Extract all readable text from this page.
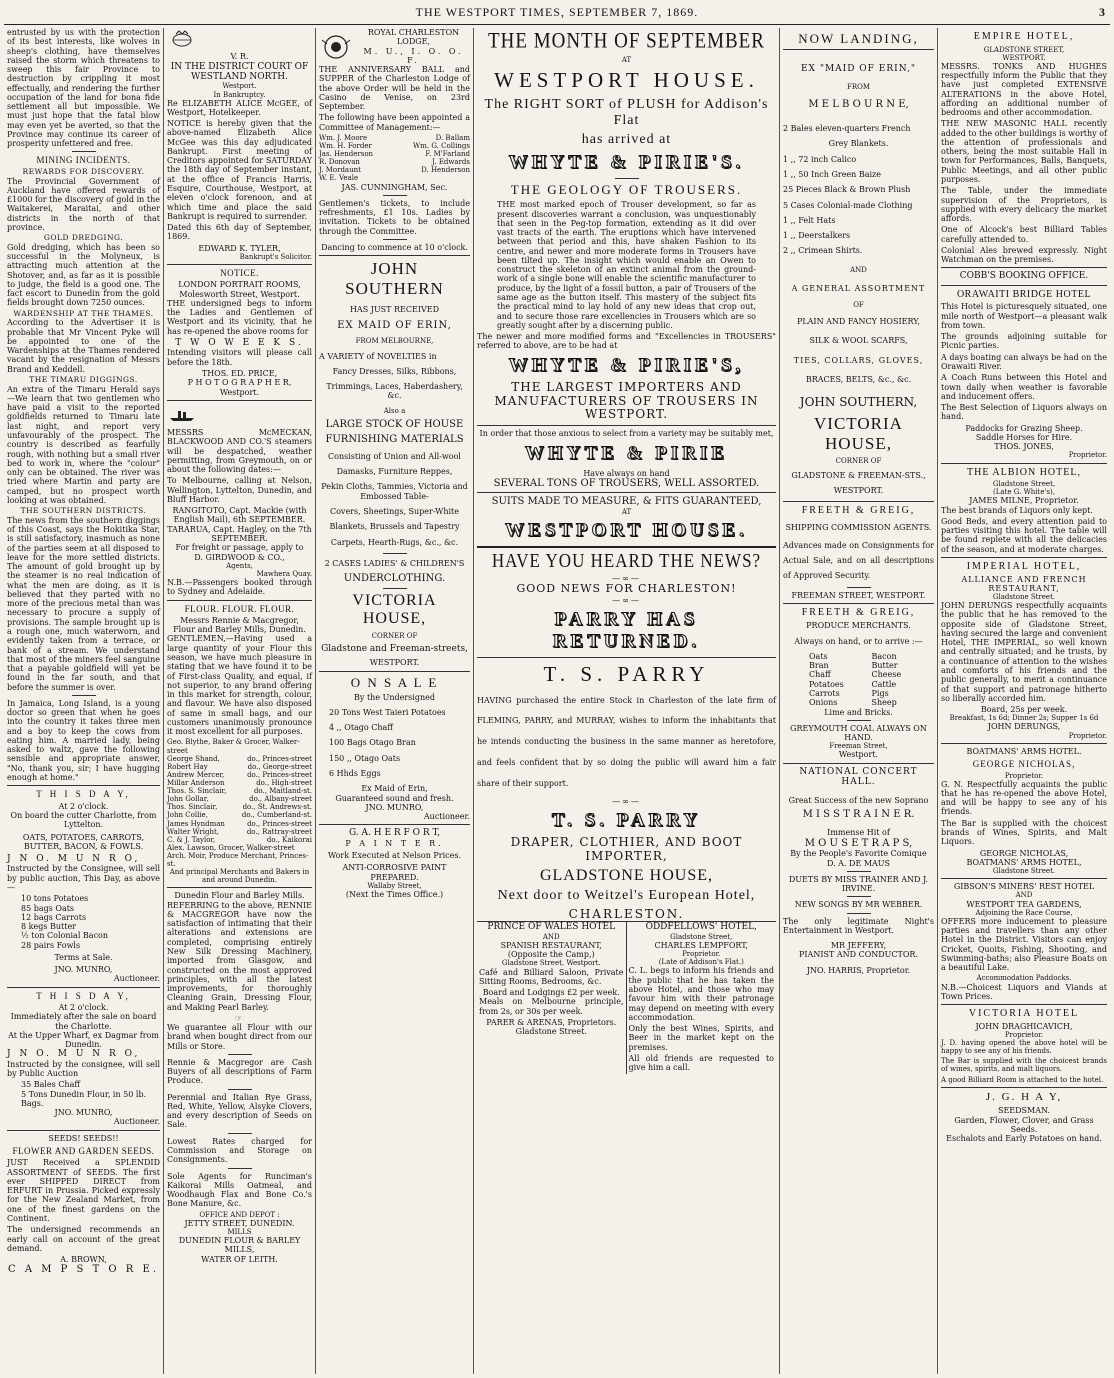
THE WESTPORT TIMES, SEPTEMBER 7, 1869.	3

entrusted by us with the protection of its best interests, like wolves in sheep's clothing, have themselves raised the storm which threatens to sweep this fair Province to destruction by crippling it most effectually, and rendering the further occupation of the land for bona fide settlement all but impossible. We must just hope that the fatal blow may even yet be averted, so that the Province may continue its career of prosperity unfettered and free.

MINING INCIDENTS.
REWARDS FOR DISCOVERY.

The Provincial Government of Auckland have offered rewards of £1000 for the discovery of gold in the Waitakerei, Maraitai, and other districts in the north of that province.

GOLD DREDGING.

Gold dredging, which has been so successful in the Molyneux, is attracting much attention at the Shotover, and, as far as it is possible to judge, the field is a good one. The fact escort to Dunedin from the gold fields brought down 7250 ounces.

WARDENSHIP AT THE THAMES.

According to the Advertiser it is probable that Mr Vincent Pyke will be appointed to one of the Wardenships at the Thames rendered vacant by the resignation of Messrs Brand and Keddell.

THE TIMARU DIGGINGS.

An extra of the Timaru Herald says —We learn that two gentlemen who have paid a visit to the reported goldfields returned to Timaru late last night, and report very unfavourably of the prospect. The country is described as fearfully rough, with nothing but a small river bed to work in, where the "colour" only can be obtained. The river was tried where Martin and party are camped, but no prospect worth looking at was obtained.

THE SOUTHERN DISTRICTS.

The news from the southern diggings of this Coast, says the Hokitika Star, is still satisfactory, inasmuch as none of the parties seem at all disposed to leave for the more settled districts. The amount of gold brought up by the steamer is no real indication of what the men are doing, as it is believed that they parted with no more of the precious metal than was necessary to procure a supply of provisions. The sample brought up is a rough one, much waterworn, and evidently taken from a terrace, or bank of a stream. We understand that most of the miners feel sanguine that a payable goldfield will yet be found in the far south, and that before the summer is over.

In Jamaica, Long Island, is a young doctor so green that when he goes into the country it takes three men and a boy to keep the cows from eating him. A married lady, being asked to waltz, gave the following sensible and appropriate answer, "No, thank you, sir; I have hugging enough at home."

T H I S D A Y,
At 2 o'clock.
On board the cutter Charlotte, from Lyttelton.
OATS, POTATOES, CARROTS, BUTTER, BACON, & FOWLS.
J N O. M U N R O,

Instructed by the Consignee, will sell by public auction, This Day, as above—

10 tons Potatoes
85 bags Oats
12 bags Carrots
8 kegs Butter
½ ton Colonial Bacon
28 pairs Fowls
Terms at Sale.
JNO. MUNRO,
Auctioneer.
T H I S D A Y,
At 2 o'clock.
Immediately after the sale on board the Charlotte.
At the Upper Wharf, ex Dagmar from Dunedin.
J N O. M U N R O,

Instructed by the consignee, will sell by Public Auction

35 Bales Chaff
5 Tons Dunedin Flour, in 50 lb. Bags.
JNO. MUNRO,
Auctioneer.
SEEDS! SEEDS!!
FLOWER AND GARDEN SEEDS.

JUST Received a SPLENDID ASSORTMENT of SEEDS. The first ever SHIPPED DIRECT from ERFURT in Prussia. Picked expressly for the New Zealand Market, from one of the finest gardens on the Continent.

The undersigned recommends an early call on account of the great demand.

A. BROWN,
C A M P S T O R E.
V. R.
IN THE DISTRICT COURT OF WESTLAND NORTH.
Westport.
In Bankruptcy.

Re ELIZABETH ALICE McGEE, of Westport, Hotelkeeper.

NOTICE is hereby given that the above-named Elizabeth Alice McGee was this day adjudicated Bankrupt. First meeting of Creditors appointed for SATURDAY the 18th day of September instant, at the office of Francis Harris, Esquire, Courthouse, Westport, at eleven o'clock forenoon, and at which time and place the said Bankrupt is required to surrender.

Dated this 6th day of September, 1869.

EDWARD K. TYLER,
Bankrupt's Solicitor.
NOTICE.
LONDON PORTRAIT ROOMS,
Molesworth Street, Westport.

THE undersigned begs to inform the Ladies and Gentlemen of Westport and its vicinity, that he has re-opened the above rooms for

T W O W E E K S.

Intending visitors will please call before the 18th.

THOS. ED. PRICE,
P H O T O G R A P H E R,
Westport.

MESSRS McMECKAN, BLACKWOOD AND CO.'S steamers will be despatched, weather permitting, from Greymouth, on or about the following dates:—

To Melbourne, calling at Nelson, Wellington, Lyttelton, Dunedin, and Bluff Harbor.

RANGITOTO, Capt. Mackie (with English Mail), 6th SEPTEMBER.
TARARUA, Capt. Hagley, on the 7th SEPTEMBER.
For freight or passage, apply to
D. GIRDWOOD & CO.,
Agents,
Mawhera Quay.

N.B.—Passengers booked through to Sydney and Adelaide.

FLOUR. FLOUR. FLOUR.
Messrs Rennie & Macgregor,
Flour and Barley Mills, Dunedin.

GENTLEMEN,—Having used a large quantity of your Flour this season, we have much pleasure in stating that we have found it to be of First-class Quality, and equal, if not superior, to any brand offering in this market for strength, colour, and flavour. We have also disposed of same in small bags, and our customers unanimously pronounce it most excellent for all purposes.

Geo. Blythe, Baker & Grocer, Walker-street
George Shand,	do., Princes-street
Robert Hay	do., George-street
Andrew Mercer,	do., Princes-street
Millar Anderson	do., High-street
Thos. S. Sinclair,	do., Maitland-st.
John Gollar,	do., Albany-street
Thos. Sinclair,	do., St. Andrews-st.
John Collie,	do., Cumberland-st.
James Hyndman	do., Princes-street
Walter Wright,	do., Rattray-street
C. & J. Taylor,	do., Kaikorai
Alex. Lawson, Grocer, Walker-street
Arch. Moir, Produce Merchant, Princes-st.
And principal Merchants and Bakers in and around Dunedin.
Dunedin Flour and Barley Mills.

REFERRING to the above, RENNIE & MACGREGOR have now the satisfaction of intimating that their alterations and extensions are completed, comprising entirely New Silk Dressing Machinery, imported from Glasgow, and constructed on the most approved principles, with all the latest improvements, for thoroughly Cleaning Grain, Dressing Flour, and Making Pearl Barley.

☞

We guarantee all Flour with our brand when bought direct from our Mills or Store.

Rennie & Macgregor are Cash Buyers of all descriptions of Farm Produce.

Perennial and Italian Rye Grass, Red, White, Yellow, Alsyke Clovers, and every description of Seeds on Sale.

Lowest Rates charged for Commission and Storage on Consignments.

Sole Agents for Runciman's Kaikorai Mills Oatmeal, and Woodhaugh Flax and Bone Co.'s Bone Manure, &c.

OFFICE AND DEPOT :
JETTY STREET, DUNEDIN.
MILLS
DUNEDIN FLOUR & BARLEY MILLS,
WATER OF LEITH.
ROYAL CHARLESTON LODGE,
M. U., I. O. O. F.

THE ANNIVERSARY BALL and SUPPER of the Charleston Lodge of the above Order will be held in the Casino de Venise, on 23rd September.

The following have been appointed a Committee of Management:—

Wm. J. Moore	D. Ballam
Wm. H. Forder	Wm. G. Collings
Jas. Henderson	F. M'Farland
R. Donovan	J. Edwards
J. Mordaunt	D. Henderson
W. E. Veale
JAS. CUNNINGHAM, Sec.

Gentlemen's tickets, to include refreshments, £1 10s. Ladies by invitation. Tickets to be obtained through the Committee.

Dancing to commence at 10 o'clock.
JOHN SOUTHERN
HAS JUST RECEIVED
EX MAID OF ERIN,
FROM MELBOURNE,
A VARIETY of NOVELTIES in
Fancy Dresses, Silks, Ribbons,
Trimmings, Laces, Haberdashery, &c.
Also a
LARGE STOCK OF HOUSE
FURNISHING MATERIALS
Consisting of Union and All-wool
Damasks, Furniture Reppes,
Pekin Cloths, Tammies, Victoria and Embossed Table-
Covers, Sheetings, Super-White
Blankets, Brussels and Tapestry
Carpets, Hearth-Rugs, &c., &c.
2 CASES LADIES' & CHILDREN'S
UNDERCLOTHING.
VICTORIA HOUSE,
CORNER OF
Gladstone and Freeman-streets,
WESTPORT.
O N S A L E
By the Undersigned
20 Tons West Taieri Potatoes
4 ,, Otago Chaff
100 Bags Otago Bran
150 ,, Otago Oats
6 Hhds Eggs
Ex Maid of Erin,
Guaranteed sound and fresh.
JNO. MUNRO,
Auctioneer.
G. A. H E R F O R T,
P A I N T E R.
Work Executed at Nelson Prices.
ANTI-CORROSIVE PAINT PREPARED.
Wallaby Street,
(Next the Times Office.)
THE MONTH OF SEPTEMBER
AT
WESTPORT HOUSE.
The RIGHT SORT of PLUSH for Addison's Flat
has arrived at
WHYTE & PIRIE'S.
THE GEOLOGY OF TROUSERS.

THE most marked epoch of Trouser development, so far as present discoveries warrant a conclusion, was unquestionably that seen in the Peg-top formation, extending as it did over vast tracts of the earth. The eruptions which have intervened between that period and this, have shaken Fashion to its centre, and newer and more moderate forms in Trousers have been tilted up. The insight which would enable an Owen to construct the skeleton of an extinct animal from the ground-work of a single bone will enable the scientific manufacturer to produce, by the light of a fossil button, a pair of Trousers of the same age as the button itself. This mastery of the subject fits the practical mind to lay hold of any new ideas that crop out, and to secure those rare excellencies in Trousers which are so greatly sought after by a discerning public.

The newer and more modified forms and "Excellencies in TROUSERS" referred to above, are to be had at

WHYTE & PIRIE'S,
THE LARGEST IMPORTERS AND MANUFACTURERS OF TROUSERS IN WESTPORT.
In order that those anxious to select from a variety may be suitably met,
WHYTE & PIRIE
Have always on hand
SEVERAL TONS OF TROUSERS, WELL ASSORTED.
SUITS MADE TO MEASURE, & FITS GUARANTEED,
AT
WESTPORT HOUSE.
HAVE YOU HEARD THE NEWS?
—∞—
GOOD NEWS FOR CHARLESTON!
—∞—
PARRY HAS RETURNED.
T. S. PARRY

HAVING purchased the entire Stock in Charleston of the late firm of FLEMING, PARRY, and MURRAY, wishes to inform the inhabitants that he intends conducting the business in the same manner as heretofore, and feels confident that by so doing the public will award him a fair share of their support.

—∞—
T. S. PARRY
DRAPER, CLOTHIER, AND BOOT IMPORTER,
GLADSTONE HOUSE,
Next door to Weitzel's European Hotel,
CHARLESTON.
PRINCE OF WALES HOTEL
AND
SPANISH RESTAURANT,
(Opposite the Camp,)
Gladstone Street, Westport.

Café and Billiard Saloon, Private Sitting Rooms, Bedrooms, &c.

Board and Lodgings £2 per week.

Meals on Melbourne principle, from 2s, or 30s per week.

PARER & ARENAS, Proprietors.
Gladstone Street.
ODDFELLOWS' HOTEL,
Gladstone Street,
CHARLES LEMPFORT,
Proprietor.
(Late of Addison's Flat.)

C. L. begs to inform his friends and the public that he has taken the above Hotel, and those who may favour him with their patronage may depend on meeting with every accommodation.

Only the best Wines, Spirits, and Beer in the market kept on the premises.

All old friends are requested to give him a call.

NOW LANDING,
EX "MAID OF ERIN,"
FROM
M E L B O U R N E,
2 Bales eleven-quarters French
Grey Blankets.
1 ,, 72 inch Calico
1 ,, 50 Inch Green Baize
25 Pieces Black & Brown Plush
5 Cases Colonial-made Clothing
1 ,, Felt Hats
1 ,, Deerstalkers
2 ,, Crimean Shirts.
AND
A GENERAL ASSORTMENT
OF
PLAIN AND FANCY HOSIERY,
SILK & WOOL SCARFS,
TIES, COLLARS, GLOVES,
BRACES, BELTS, &c., &c.
JOHN SOUTHERN,
VICTORIA HOUSE,
CORNER OF
GLADSTONE & FREEMAN-STS.,
WESTPORT.
FREETH & GREIG,
SHIPPING COMMISSION AGENTS.

Advances made on Consignments for Actual Sale, and on all descriptions of Approved Security.

FREEMAN STREET, WESTPORT.
FREETH & GREIG,
PRODUCE MERCHANTS.
Always on hand, or to arrive :—
Oats	Bacon
Bran	Butter
Chaff	Cheese
Potatoes	Cattle
Carrots	Pigs
Onions	Sheep
Lime and Bricks.
GREYMOUTH COAL ALWAYS ON HAND.
Freeman Street,
Westport.
NATIONAL CONCERT HALL.
Great Success of the new Soprano
M I S S T R A I N E R.
Immense Hit of
M O U S E T R A P S,
By the People's Favorite Comique
D. A. DE MAUS
DUETS BY MISS TRAINER AND J. IRVINE.
NEW SONGS BY MR WEBBER.

The only legitimate Night's Entertainment in Westport.

MR JEFFERY,
PIANIST AND CONDUCTOR.
JNO. HARRIS, Proprietor.
EMPIRE HOTEL,
GLADSTONE STREET,
WESTPORT.

MESSRS. TONKS AND HUGHES respectfully inform the Public that they have just completed EXTENSIVE ALTERATIONS in the above Hotel, affording an additional number of bedrooms and other accommodation.

THE NEW MASONIC HALL recently added to the other buildings is worthy of the attention of professionals and others, being the most suitable Hall in town for Performances, Balls, Banquets, Public Meetings, and all other public purposes.

The Table, under the immediate supervision of the Proprietors, is supplied with every delicacy the market affords.

One of Alcock's best Billiard Tables carefully attended to.

Colonial Ales brewed expressly. Night Watchman on the premises.

COBB'S BOOKING OFFICE.
ORAWAITI BRIDGE HOTEL

This Hotel is picturesquely situated, one mile north of Westport—a pleasant walk from town.

The grounds adjoining suitable for Picnic parties.

A days boating can always be had on the Orawaiti River.

A Coach Runs between this Hotel and town daily when weather is favorable and inducement offers.

The Best Selection of Liquors always on hand.

Paddocks for Grazing Sheep.
Saddle Horses for Hire.
THOS. JONES,
Proprietor.
THE ALBION HOTEL,
Gladstone Street,
(Late G. White's),
JAMES MILNE, Proprietor.

The best brands of Liquors only kept.

Good Beds, and every attention paid to parties visiting this hotel. The table will be found replete with all the delicacies of the season, and at moderate charges.

IMPERIAL HOTEL,
ALLIANCE AND FRENCH RESTAURANT,
Gladstone Street.

JOHN DERUNGS respectfully acquaints the public that he has removed to the opposite side of Gladstone Street, having secured the large and convenient Hotel, THE IMPERIAL, so well known and centrally situated; and he trusts, by a continuance of attention to the wishes and comforts of his friends and the public generally, to merit a continuance of that support and patronage hitherto so liberally accorded him.

Board, 25s per week.
Breakfast, 1s 6d; Dinner 2s; Supper 1s 6d
JOHN DERUNGS,
Proprietor.
BOATMANS' ARMS HOTEL.
GEORGE NICHOLAS,
Proprietor.

G. N. Respectfully acquaints the public that he has re-opened the above Hotel, and will be happy to see any of his friends.

The Bar is supplied with the choicest brands of Wines, Spirits, and Malt Liquors.

GEORGE NICHOLAS,
BOATMANS' ARMS HOTEL,
Gladstone Street.
GIBSON'S MINERS' REST HOTEL
AND
WESTPORT TEA GARDENS,
Adjoining the Race Course,

OFFERS more inducement to pleasure parties and travellers than any other Hotel in the District. Visitors can enjoy Cricket, Quoits, Fishing, Shooting, and Swimming-baths; also Pleasure Boats on a beautiful Lake.

Accommodation Paddocks.

N.B.—Choicest Liquors and Viands at Town Prices.

VICTORIA HOTEL
JOHN DRAGHICAVICH,
Proprietor.

J. D. having opened the above hotel will be happy to see any of his friends.

The Bar is supplied with the choicest brands of wines, spirits, and malt liquors.

A good Billiard Room is attached to the hotel.

J. G. H A Y,
SEEDSMAN.
Garden, Flower, Clover, and Grass Seeds.
Eschalots and Early Potatoes on hand.
